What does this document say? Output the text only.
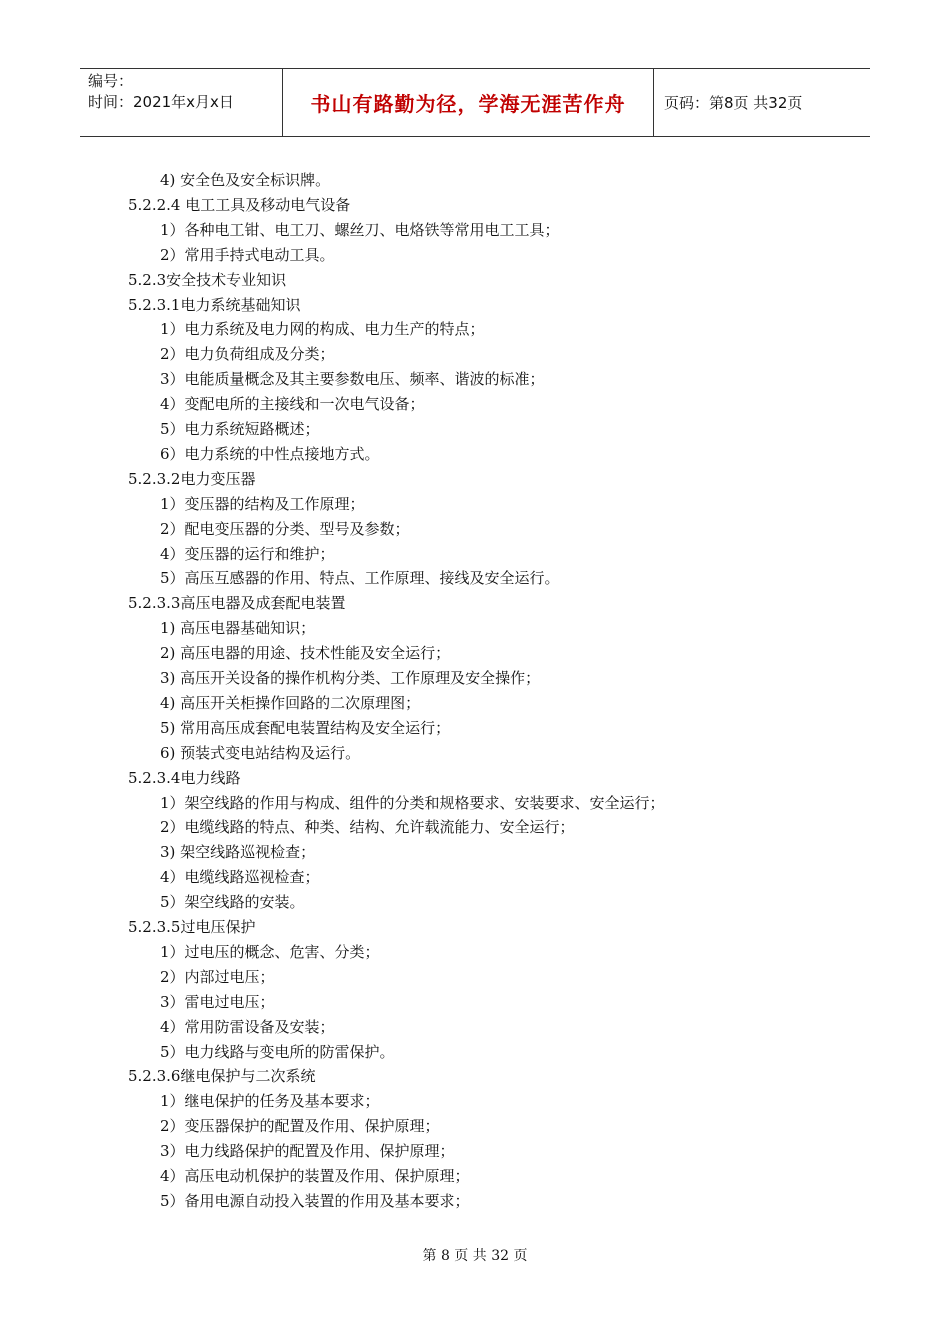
编号：
时间：2021年x月x日	书山有路勤为径，学海无涯苦作舟	页码：第8页 共32页
4) 安全色及安全标识牌。
5.2.2.4 电工工具及移动电气设备
1）各种电工钳、电工刀、螺丝刀、电烙铁等常用电工工具；
2）常用手持式电动工具。
5.2.3安全技术专业知识
5.2.3.1电力系统基础知识
1）电力系统及电力网的构成、电力生产的特点；
2）电力负荷组成及分类；
3）电能质量概念及其主要参数电压、频率、谐波的标准；
4）变配电所的主接线和一次电气设备；
5）电力系统短路概述；
6）电力系统的中性点接地方式。
5.2.3.2电力变压器
1）变压器的结构及工作原理；
2）配电变压器的分类、型号及参数；
4）变压器的运行和维护；
5）高压互感器的作用、特点、工作原理、接线及安全运行。
5.2.3.3高压电器及成套配电装置
1) 高压电器基础知识；
2) 高压电器的用途、技术性能及安全运行；
3) 高压开关设备的操作机构分类、工作原理及安全操作；
4) 高压开关柜操作回路的二次原理图；
5) 常用高压成套配电装置结构及安全运行；
6) 预装式变电站结构及运行。
5.2.3.4电力线路
1）架空线路的作用与构成、组件的分类和规格要求、安装要求、安全运行；
2）电缆线路的特点、种类、结构、允许载流能力、安全运行；
3) 架空线路巡视检查；
4）电缆线路巡视检查；
5）架空线路的安装。
5.2.3.5过电压保护
1）过电压的概念、危害、分类；
2）内部过电压；
3）雷电过电压；
4）常用防雷设备及安装；
5）电力线路与变电所的防雷保护。
5.2.3.6继电保护与二次系统
1）继电保护的任务及基本要求；
2）变压器保护的配置及作用、保护原理；
3）电力线路保护的配置及作用、保护原理；
4）高压电动机保护的装置及作用、保护原理；
5）备用电源自动投入装置的作用及基本要求；
第 8 页 共 32 页
